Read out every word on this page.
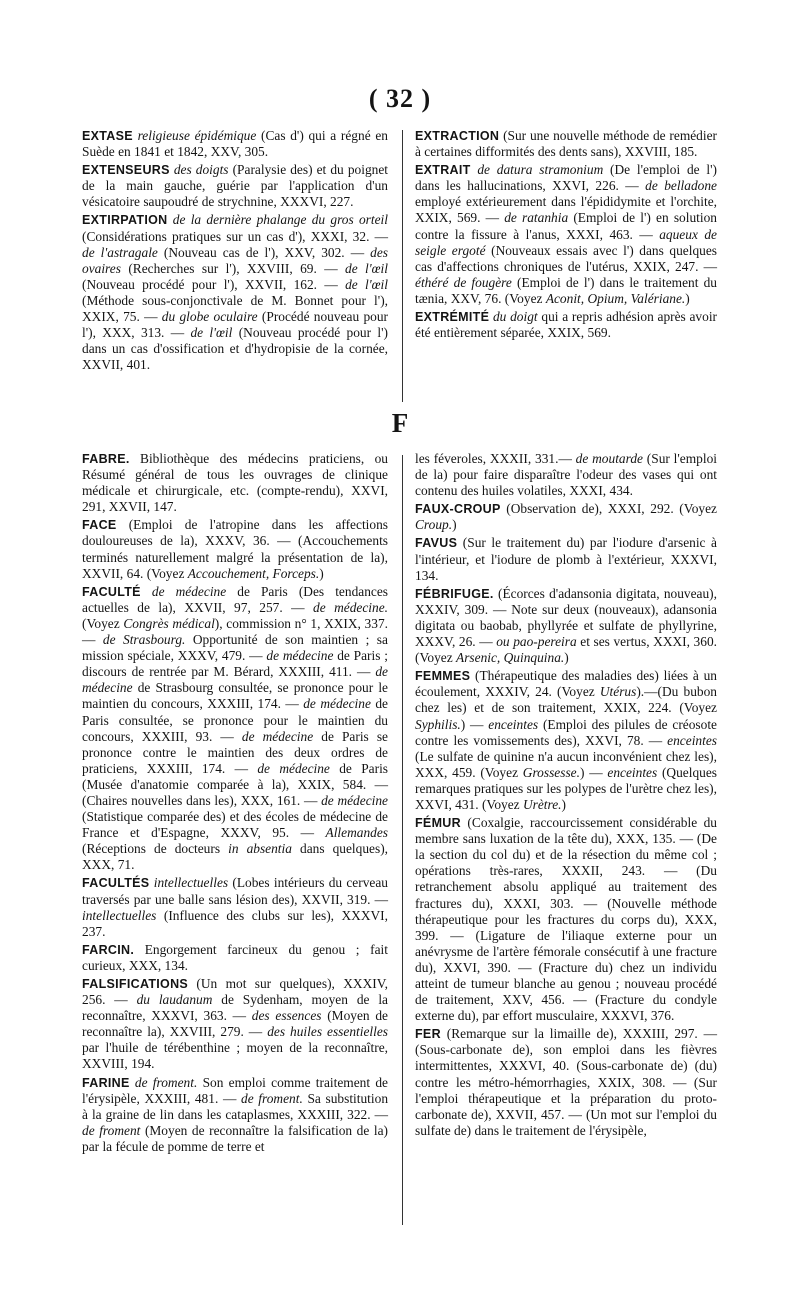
( 32 )

EXTASE religieuse épidémique (Cas d') qui a régné en Suède en 1841 et 1842, XXV, 305.

EXTENSEURS des doigts (Paralysie des) et du poignet de la main gauche, guérie par l'application d'un vésicatoire saupoudré de strychnine, XXXVI, 227.

EXTIRPATION de la dernière phalange du gros orteil (Considérations pratiques sur un cas d'), XXXI, 32. — de l'astragale (Nouveau cas de l'), XXV, 302. — des ovaires (Recherches sur l'), XXVIII, 69. — de l'œil (Nouveau procédé pour l'), XXVII, 162. — de l'œil (Méthode sous-conjonctivale de M. Bonnet pour l'), XXIX, 75. — du globe oculaire (Procédé nouveau pour l'), XXX, 313. — de l'œil (Nouveau procédé pour l') dans un cas d'ossification et d'hydropisie de la cornée, XXVII, 401.

EXTRACTION (Sur une nouvelle méthode de remédier à certaines difformités des dents sans), XXVIII, 185.

EXTRAIT de datura stramonium (De l'emploi de l') dans les hallucinations, XXVI, 226. — de belladone employé extérieurement dans l'épididymite et l'orchite, XXIX, 569. — de ratanhia (Emploi de l') en solution contre la fissure à l'anus, XXXI, 463. — aqueux de seigle ergoté (Nouveaux essais avec l') dans quelques cas d'affections chroniques de l'utérus, XXIX, 247. — éthéré de fougère (Emploi de l') dans le traitement du tænia, XXV, 76. (Voyez Aconit, Opium, Valériane.)

EXTRÉMITÉ du doigt qui a repris adhésion après avoir été entièrement séparée, XXIX, 569.

F

FABRE. Bibliothèque des médecins praticiens, ou Résumé général de tous les ouvrages de clinique médicale et chirurgicale, etc. (compte-rendu), XXVI, 291, XXVII, 147.

FACE (Emploi de l'atropine dans les affections douloureuses de la), XXXV, 36. — (Accouchements terminés naturellement malgré la présentation de la), XXVII, 64. (Voyez Accouchement, Forceps.)

FACULTÉ de médecine de Paris (Des tendances actuelles de la), XXVII, 97, 257. — de médecine. (Voyez Congrès médical), commission n° 1, XXIX, 337. — de Strasbourg. Opportunité de son maintien ; sa mission spéciale, XXXV, 479. — de médecine de Paris ; discours de rentrée par M. Bérard, XXXIII, 411. — de médecine de Strasbourg consultée, se prononce pour le maintien du concours, XXXIII, 174. — de médecine de Paris consultée, se prononce pour le maintien du concours, XXXIII, 93. — de médecine de Paris se prononce contre le maintien des deux ordres de praticiens, XXXIII, 174. — de médecine de Paris (Musée d'anatomie comparée à la), XXIX, 584. — (Chaires nouvelles dans les), XXX, 161. — de médecine (Statistique comparée des) et des écoles de médecine de France et d'Espagne, XXXV, 95. — Allemandes (Réceptions de docteurs in absentia dans quelques), XXX, 71.

FACULTÉS intellectuelles (Lobes intérieurs du cerveau traversés par une balle sans lésion des), XXVII, 319. — intellectuelles (Influence des clubs sur les), XXXVI, 237.

FARCIN. Engorgement farcineux du genou ; fait curieux, XXX, 134.

FALSIFICATIONS (Un mot sur quelques), XXXIV, 256. — du laudanum de Sydenham, moyen de la reconnaître, XXXVI, 363. — des essences (Moyen de reconnaître la), XXVIII, 279. — des huiles essentielles par l'huile de térébenthine ; moyen de la reconnaître, XXVIII, 194.

FARINE de froment. Son emploi comme traitement de l'érysipèle, XXXIII, 481. — de froment. Sa substitution à la graine de lin dans les cataplasmes, XXXIII, 322. — de froment (Moyen de reconnaître la falsification de la) par la fécule de pomme de terre et

les féveroles, XXXII, 331.— de moutarde (Sur l'emploi de la) pour faire disparaître l'odeur des vases qui ont contenu des huiles volatiles, XXXI, 434.

FAUX-CROUP (Observation de), XXXI, 292. (Voyez Croup.)

FAVUS (Sur le traitement du) par l'iodure d'arsenic à l'intérieur, et l'iodure de plomb à l'extérieur, XXXVI, 134.

FÉBRIFUGE. (Écorces d'adansonia digitata, nouveau), XXXIV, 309. — Note sur deux (nouveaux), adansonia digitata ou baobab, phyllyrée et sulfate de phyllyrine, XXXV, 26. — ou pao-pereira et ses vertus, XXXI, 360. (Voyez Arsenic, Quinquina.)

FEMMES (Thérapeutique des maladies des) liées à un écoulement, XXXIV, 24. (Voyez Utérus).—(Du bubon chez les) et de son traitement, XXIX, 224. (Voyez Syphilis.) — enceintes (Emploi des pilules de créosote contre les vomissements des), XXVI, 78. — enceintes (Le sulfate de quinine n'a aucun inconvénient chez les), XXX, 459. (Voyez Grossesse.) — enceintes (Quelques remarques pratiques sur les polypes de l'urètre chez les), XXVI, 431. (Voyez Urètre.)

FÉMUR (Coxalgie, raccourcissement considérable du membre sans luxation de la tête du), XXX, 135. — (De la section du col du) et de la résection du même col ; opérations très-rares, XXXII, 243. — (Du retranchement absolu appliqué au traitement des fractures du), XXXI, 303. — (Nouvelle méthode thérapeutique pour les fractures du corps du), XXX, 399. — (Ligature de l'iliaque externe pour un anévrysme de l'artère fémorale consécutif à une fracture du), XXVI, 390. — (Fracture du) chez un individu atteint de tumeur blanche au genou ; nouveau procédé de traitement, XXV, 456. — (Fracture du condyle externe du), par effort musculaire, XXXVI, 376.

FER (Remarque sur la limaille de), XXXIII, 297. — (Sous-carbonate de), son emploi dans les fièvres intermittentes, XXXVI, 40. (Sous-carbonate de) (du) contre les métro-hémorrhagies, XXIX, 308. — (Sur l'emploi thérapeutique et la préparation du proto-carbonate de), XXVII, 457. — (Un mot sur l'emploi du sulfate de) dans le traitement de l'érysipèle,
